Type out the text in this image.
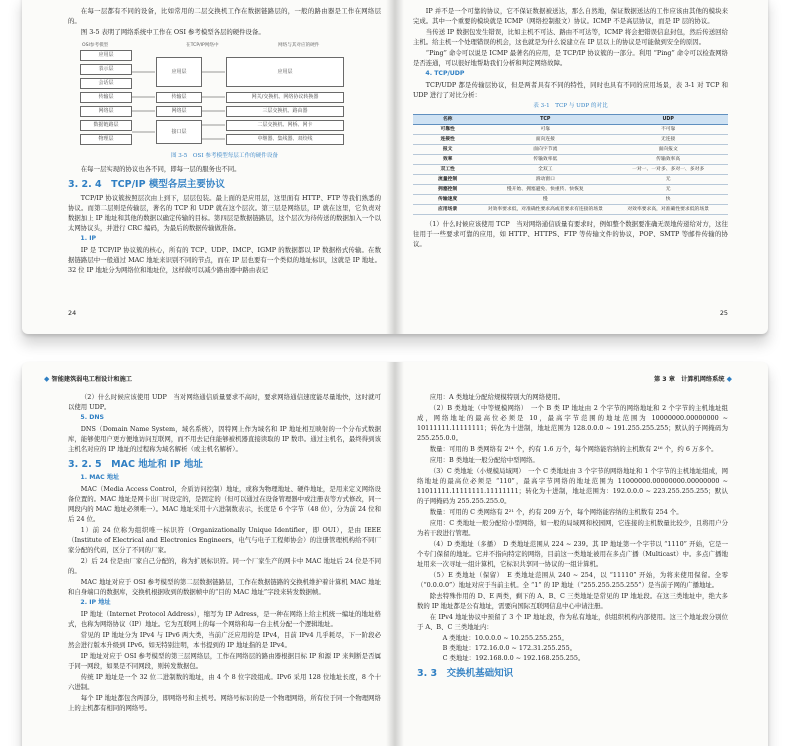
在每一层都有不同的设备，比如常用的二层交换机工作在数据链路层的，一般的路由器是工作在网络层的。

图 3-5 表明了网络系统中工作在 OSI 参考模型各层的硬件设备。

OSI参考模型	在TCP/IP网络中	网络与其对应的硬件
应用层
表示层
会话层
传输层
网络层
数据链路层
物理层
应用层
传输层
网络层
接口层
应用层
网关/交换机、网络协议转换器
三层交换机、路由器
二层交换机、网桥、网卡
中继器、集线器、双绞线
图 3-5　OSI 参考模型每层工作的硬件设备

在每一层实现的协议也各不同，即每一层的服务也不同。

3. 2. 4　TCP/IP 模型各层主要协议

TCP/IP 协议簇按照层次由上到下，层层包装。最上面的是应用层，这里面有 HTTP、FTP 等我们熟悉的协议。而第二层则是传输层，著名的 TCP 和 UDP 就在这个层次。第三层是网络层，IP 就在这里，它负责对数据加上 IP 地址和其他的数据以确定传输的目标。第四层是数据链路层，这个层次为待传送的数据加入一个以太网协议头，并进行 CRC 编码，为最后的数据传输做准备。

1. IP

IP 是 TCP/IP 协议簇的核心，所有的 TCP、UDP、IMCP、IGMP 的数据都以 IP 数据格式传输。在数据链路层中一般通过 MAC 地址来识别不同的节点，而在 IP 层也要有一个类似的地址标识，这就是 IP 地址。32 位 IP 地址分为网络位和地址位，这样做可以减少路由器中路由表记

24

IP 并不是一个可靠的协议，它不保证数据被送达，那么自然地，保证数据送达的工作应该由其他的模块来完成。其中一个重要的模块就是 ICMP（网络控制报文）协议。ICMP 不是高层协议，而是 IP 层的协议。

当传送 IP 数据包发生错误，比如主机不可达、路由不可达等，ICMP 将会把错误信息封包，然后传送回给主机。给主机一个处理错误的机会，这也就是为什么说建立在 IP 层以上的协议是可能做到安全的原因。

“Ping” 命令可以说是 ICMP 最著名的应用，是 TCP/IP 协议簇的一部分。利用 “Ping” 命令可以检查网络是否连通，可以很好地帮助我们分析和判定网络故障。

4. TCP/UDP

TCP/UDP 都是传输层协议，但是两者具有不同的特性，同时也具有不同的应用场景，表 3-1 对 TCP 和 UDP 进行了对比分析：

表 3-1　TCP 与 UDP 的对比
名称	TCP	UDP
可靠性	可靠	不可靠
连接性	面向连接	无连接
报文	面向字节流	面向报文
效率	传输效率低	传输效率高
双工性	全双工	一对一、一对多、多对一、多对多
流量控制	滑动窗口	无
拥塞控制	慢开始、拥塞避免、快重传、快恢复	无
传输速度	慢	快
应用场景	对效率要求低，对准确性要求高或者要求有连接的场景	对效率要求高，对准确性要求低的场景

（1）什么时候应该使用 TCP　当对网络通信质量有要求时，例如整个数据要准确无误地传递给对方，这往往用于一些要求可靠的应用，如 HTTP、HTTPS、FTP 等传输文件的协议，POP、SMTP 等邮件传输的协议。

25
◆ 智能建筑弱电工程设计和施工

（2）什么时候应该使用 UDP　当对网络通信质量要求不高时，要求网络通信速度能尽量地快，这时就可以使用 UDP。

5. DNS

DNS（Domain Name System，域名系统），因特网上作为域名和 IP 地址相互映射的一个分布式数据库，能够使用户更方便地访问互联网，而不用去记住能够被机器直接读取的 IP 数串。通过主机名，最终得到该主机名对应的 IP 地址的过程称为域名解析（或主机名解析）。

3. 2. 5　MAC 地址和 IP 地址
1. MAC 地址

MAC（Media Access Control，介质访问控制）地址，或称为物理地址、硬件地址，是用来定义网络设备位置的。MAC 地址是网卡出厂时设定的，是固定的（但可以通过在设备管理器中或注册表等方式修改，同一网段内的 MAC 地址必须唯一）。MAC 地址采用十六进制数表示，长度是 6 个字节（48 位），分为前 24 位和后 24 位。

1）前 24 位称为组织唯一标识符（Organizationally Unique Identifier，即 OUI），是由 IEEE（Institute of Electrical and Electronics Engineers，电气与电子工程师协会）的注册管理机构给不同厂家分配的代码，区分了不同的厂家。

2）后 24 位是由厂家自己分配的，称为扩展标识符。同一个厂家生产的网卡中 MAC 地址后 24 位是不同的。

MAC 地址对应于 OSI 参考模型的第二层数据链路层，工作在数据链路的交换机维护着计算机 MAC 地址和自身端口的数据库，交换机根据收到的数据帧中的“目的 MAC 地址”字段来转发数据帧。

2. IP 地址

IP 地址（Internet Protocol Address），缩写为 IP Adress，是一种在网络上给主机统一编址的地址格式，也称为网络协议（IP）地址。它为互联网上的每一个网络和每一台主机分配一个逻辑地址。

常见的 IP 地址分为 IPv4 与 IPv6 两大类，当前广泛应用的是 IPv4，目前 IPv4 几乎耗尽，下一阶段必然会进行版本升级到 IPv6。如无特别注明，本书提到的 IP 地址指的是 IPv4。

IP 地址对应于 OSI 参考模型的第三层网络层，工作在网络层的路由器根据目标 IP 和源 IP 来判断是否属于同一网段，如果是不同网段，则转发数据包。

传统 IP 地址是一个 32 位二进制数的地址，由 4 个 8 位字段组成。IPv6 采用 128 位地址长度，8 个十六进制。

每个 IP 地址都包含两部分，即网络号和主机号。网络号标识的是一个物理网络，所有位于同一个物理网络上的主机都有相同的网络号。

第 3 章　计算机网络系统 ◆

应用：A 类地址分配给规模特别大的网络使用。

（2）B 类地址（中等规模网络）　一个 B 类 IP 地址由 2 个字节的网络地址和 2 个字节的主机地址组成，网络地址的最高位必须是 10，最高字节范围的地址范围为 10000000.00000000 ~ 10111111.11111111；转化为十进制，地址范围为 128.0.0.0 ~ 191.255.255.255；默认的子网掩码为 255.255.0.0。

数量：可用的 B 类网络有 2¹⁴ 个，约有 1.6 万个，每个网络能容纳的主机数有 2¹⁶ 个，约 6 万多个。

应用：B 类地址一般分配给中型网络。

（3）C 类地址（小规模局域网）　一个 C 类地址由 3 个字节的网络地址和 1 个字节的主机地址组成，网络地址的最高位必须是 “110”，最高字节网络的地址范围为 11000000.00000000.00000000 ~ 11011111.11111111.11111111；转化为十进制，地址范围为：192.0.0.0 ~ 223.255.255.255；默认的子网掩码为 255.255.255.0。

数量：可用的 C 类网络有 2²¹ 个，约有 209 万个，每个网络能容纳的主机数有 254 个。

应用：C 类地址一般分配给小型网络，如一般的局域网和校园网，它连接的主机数量比较少，且将用户分为若干段进行管理。

（4）D 类地址（多播）　D 类地址范围从 224 ~ 239。其 IP 地址第一个字节以 “1110” 开始，它是一个专门保留的地址。它并不指向特定的网络，目前这一类地址被用在多点广播（Multicast）中。多点广播地址用来一次寻址一组计算机，它标识共享同一协议的一组计算机。

（5）E 类地址（保留）　E 类地址范围从 240 ~ 254，以 “11110” 开始，为将来使用保留。全零（“0.0.0.0”）地址对应于当前主机。全 “1” 的 IP 地址（“255.255.255.255”）是当前子网的广播地址。

除去特殊作用的 D、E 两类，剩下的 A、B、C 三类地址是常见的 IP 地址段。在这三类地址中，绝大多数的 IP 地址都是公有地址，需要向国际互联网信息中心申请注册。

在 IPv4 地址协议中预留了 3 个 IP 地址段，作为私有地址，供组织机构内部使用。这三个地址段分别位于 A、B、C 三类地址内：

A 类地址：10.0.0.0 ~ 10.255.255.255。
B 类地址：172.16.0.0 ~ 172.31.255.255。
C 类地址：192.168.0.0 ~ 192.168.255.255。
3. 3　交换机基础知识
